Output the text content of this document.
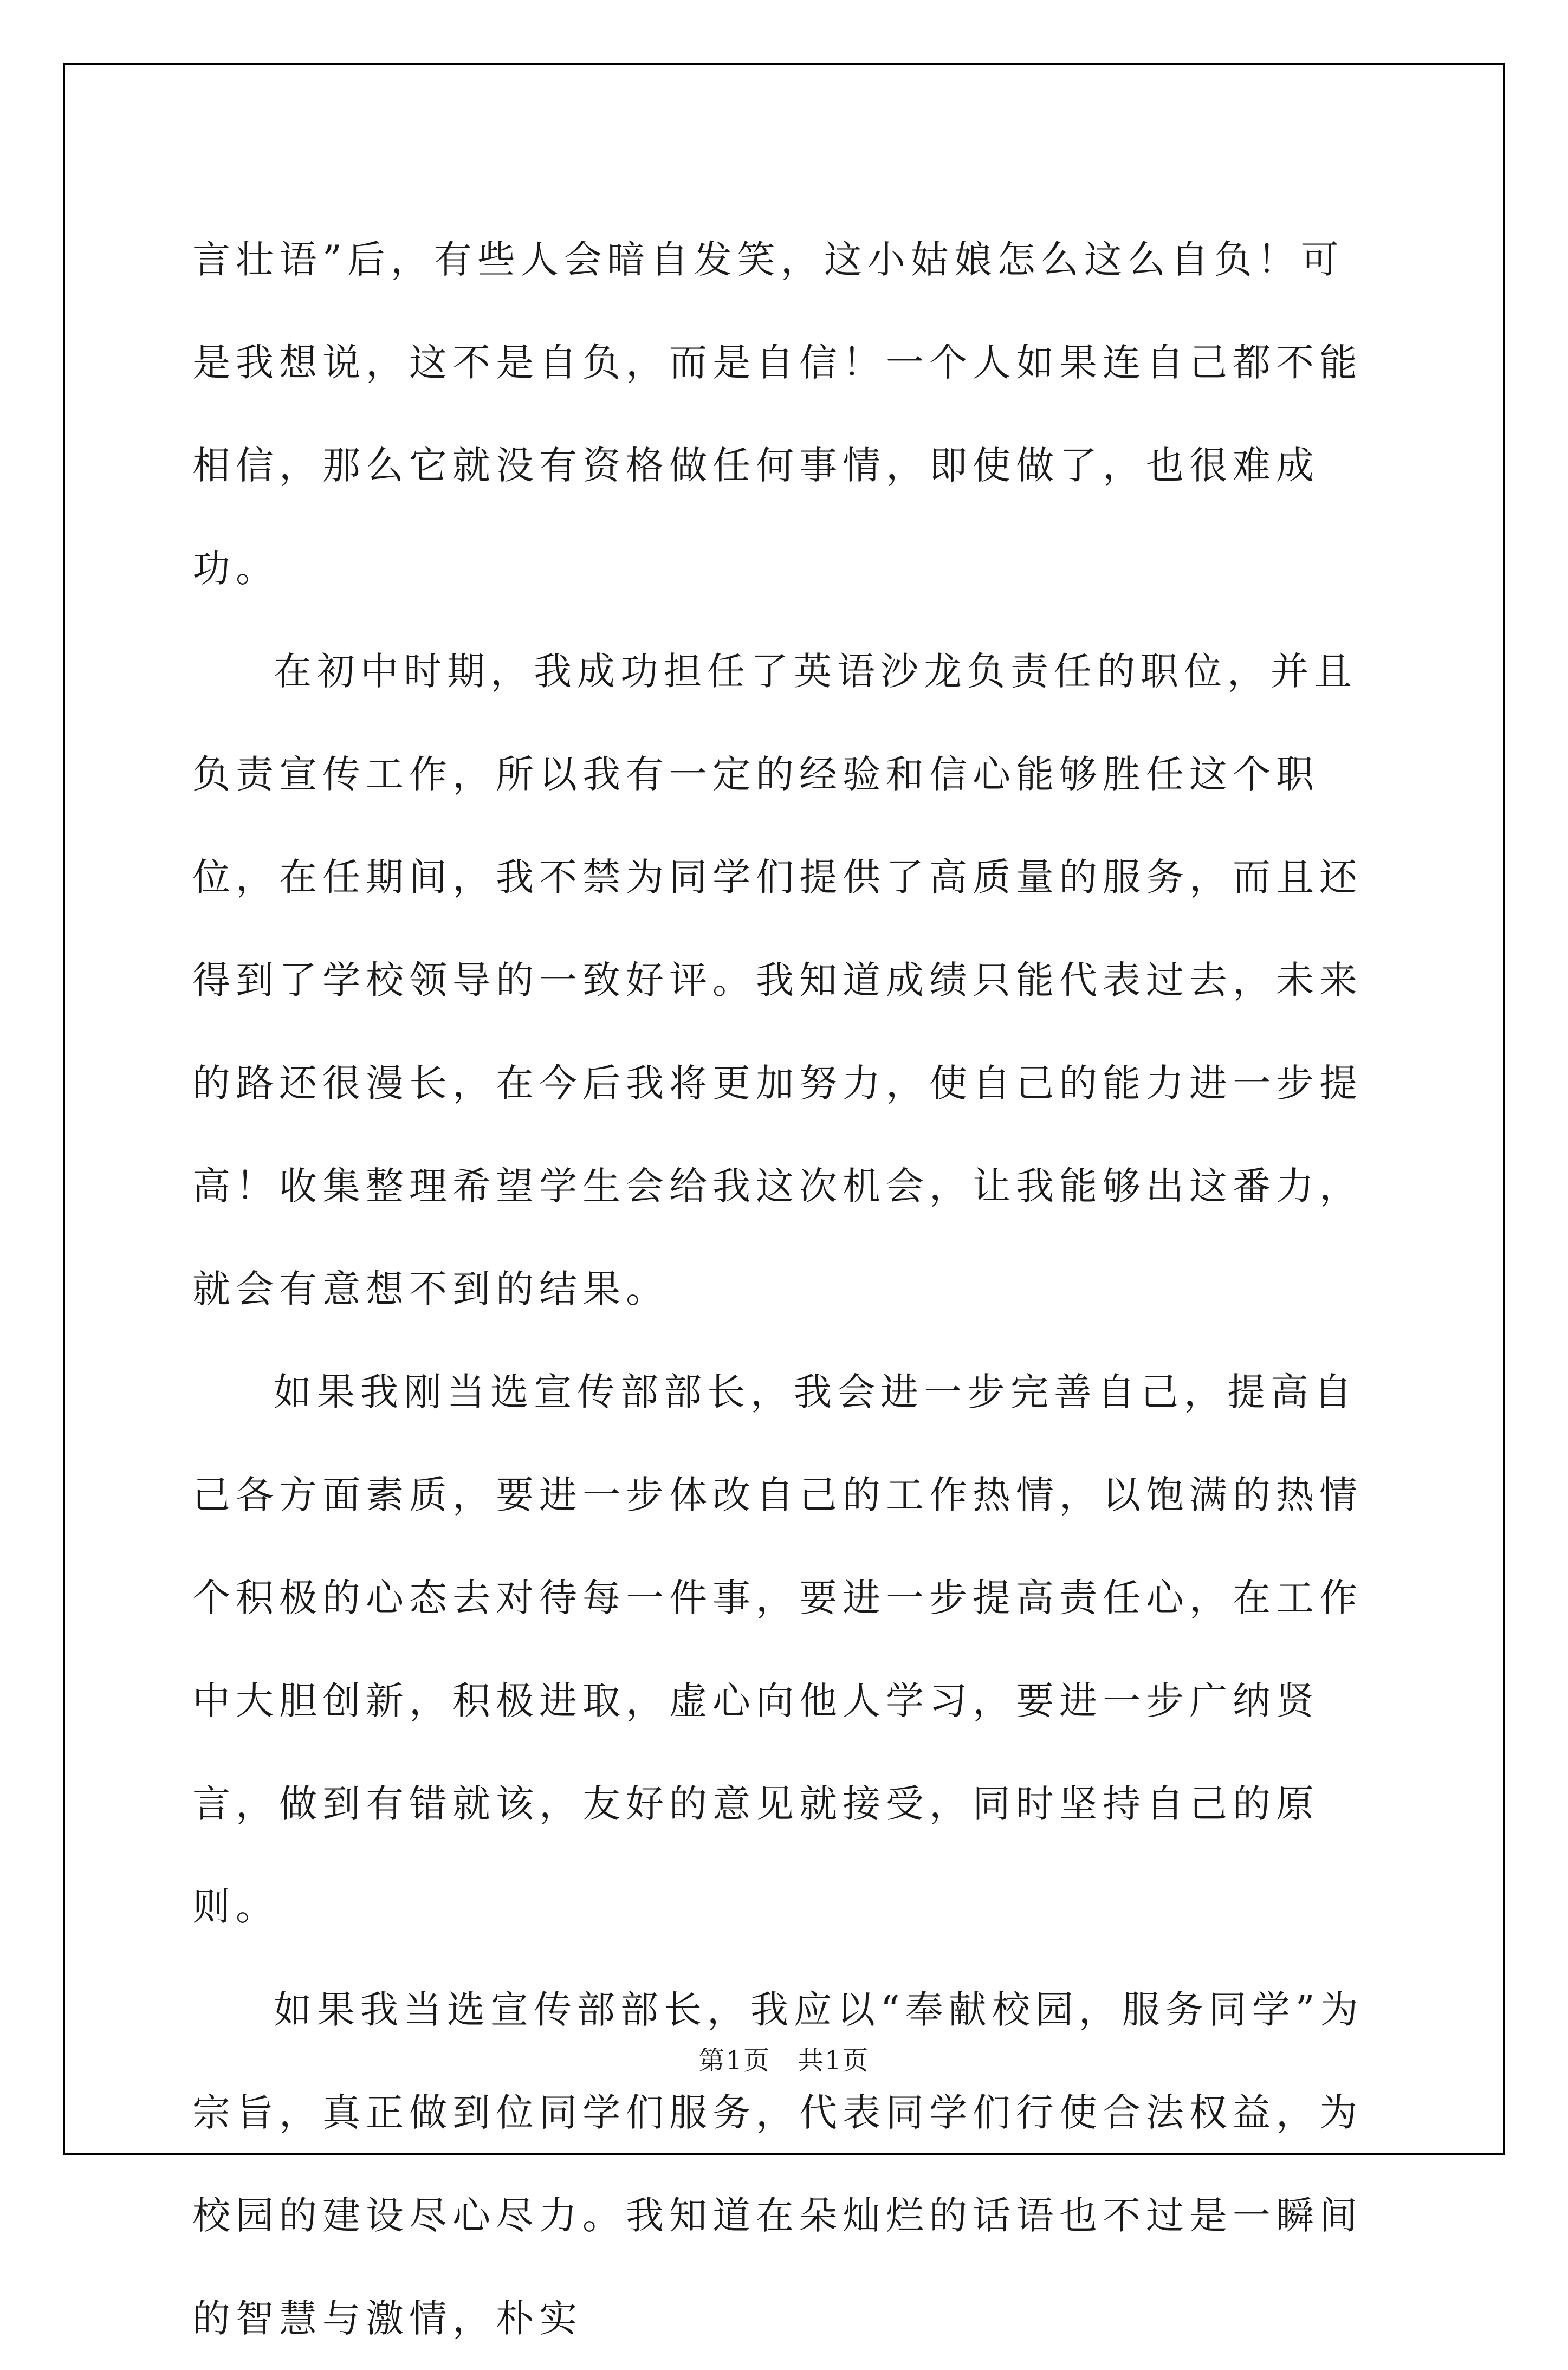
言壮语”后，有些人会暗自发笑，这小姑娘怎么这么自负！可是我想说，这不是自负，而是自信！一个人如果连自己都不能相信，那么它就没有资格做任何事情，即使做了，也很难成功。

在初中时期，我成功担任了英语沙龙负责任的职位，并且负责宣传工作，所以我有一定的经验和信心能够胜任这个职位，在任期间，我不禁为同学们提供了高质量的服务，而且还得到了学校领导的一致好评。我知道成绩只能代表过去，未来的路还很漫长，在今后我将更加努力，使自己的能力进一步提高！收集整理希望学生会给我这次机会，让我能够出这番力，就会有意想不到的结果。

如果我刚当选宣传部部长，我会进一步完善自己，提高自己各方面素质，要进一步体改自己的工作热情，以饱满的热情个积极的心态去对待每一件事，要进一步提高责任心，在工作中大胆创新，积极进取，虚心向他人学习，要进一步广纳贤言，做到有错就该，友好的意见就接受，同时坚持自己的原则。

如果我当选宣传部部长，我应以“奉献校园，服务同学”为宗旨，真正做到位同学们服务，代表同学们行使合法权益，为校园的建设尽心尽力。我知道在朵灿烂的话语也不过是一瞬间的智慧与激情，朴实

第1页　共1页
